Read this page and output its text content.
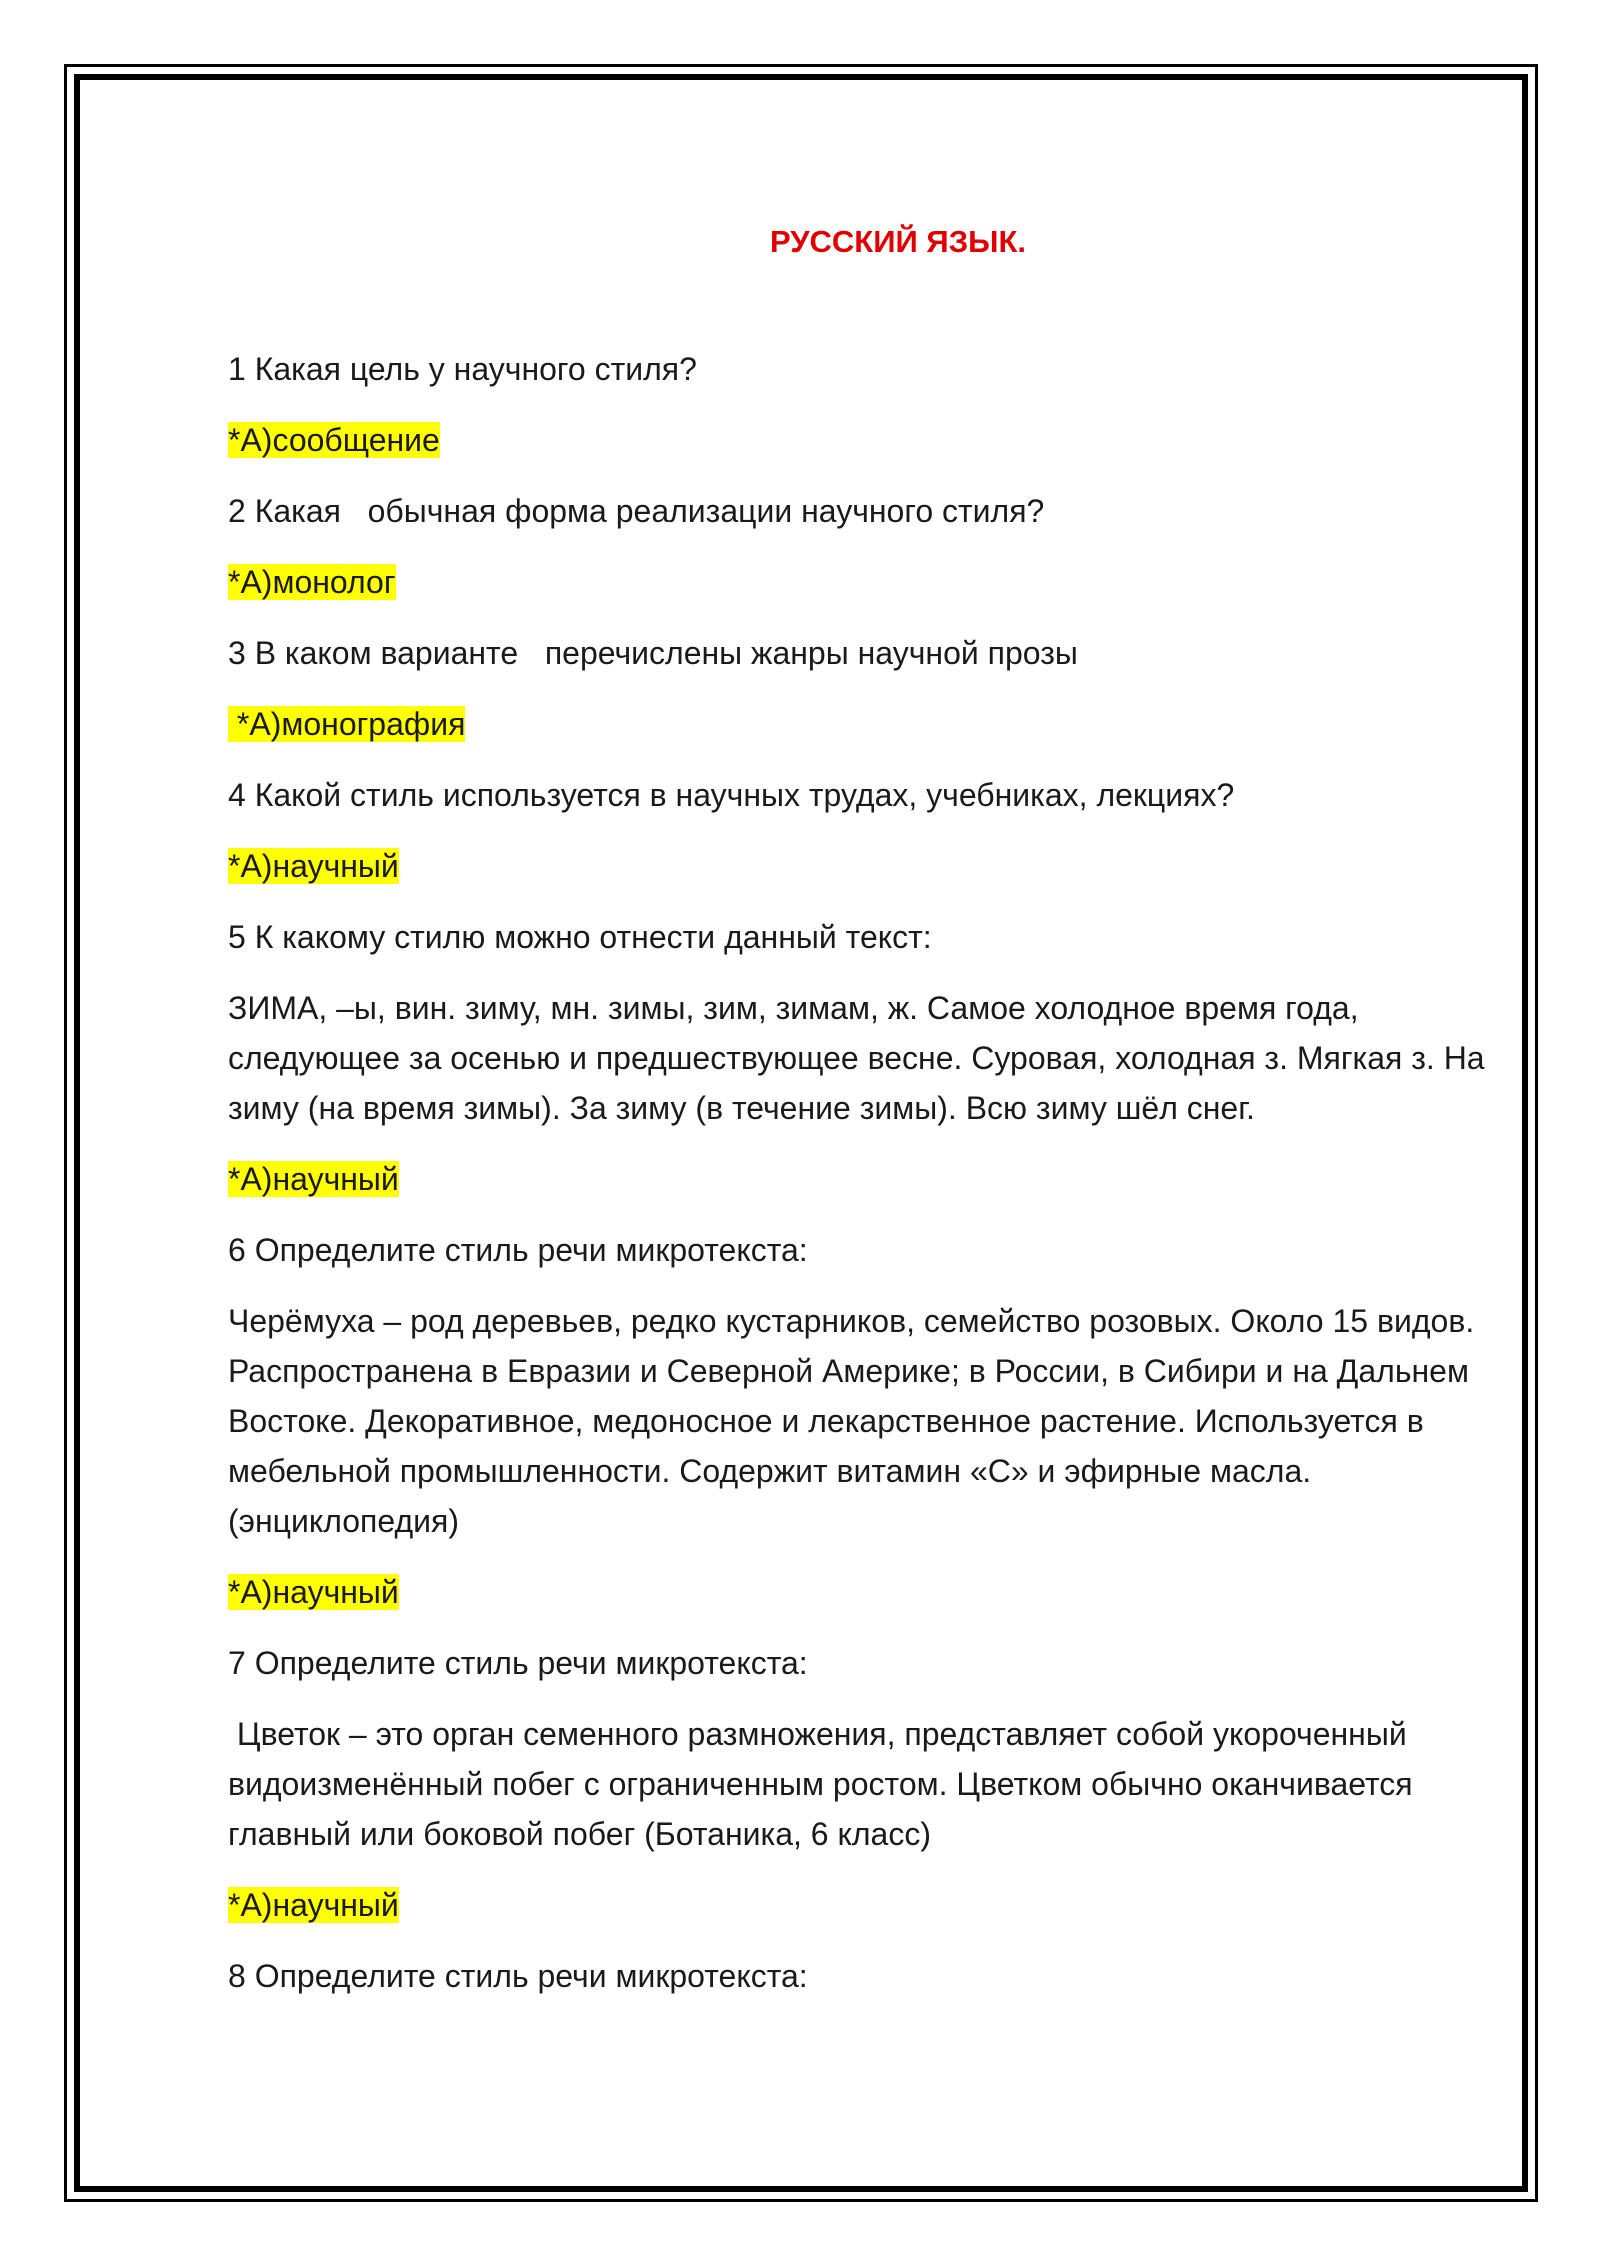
РУССКИЙ ЯЗЫК.
1 Какая цель у научного стиля?
*А)сообщение
2 Какая   обычная форма реализации научного стиля?
*А)монолог
3 В каком варианте   перечислены жанры научной прозы
*А)монография
4 Какой стиль используется в научных трудах, учебниках, лекциях?
*А)научный
5 К какому стилю можно отнести данный текст:
ЗИМА, –ы, вин. зиму, мн. зимы, зим, зимам, ж. Самое холодное время года, следующее за осенью и предшествующее весне. Суровая, холодная з. Мягкая з. На зиму (на время зимы). За зиму (в течение зимы). Всю зиму шёл снег.
*А)научный
6 Определите стиль речи микротекста:
Черёмуха – род деревьев, редко кустарников, семейство розовых. Около 15 видов. Распространена в Евразии и Северной Америке; в России, в Сибири и на Дальнем Востоке. Декоративное, медоносное и лекарственное растение. Используется в мебельной промышленности. Содержит витамин «С» и эфирные масла. (энциклопедия)
*А)научный
7 Определите стиль речи микротекста:
Цветок – это орган семенного размножения, представляет собой укороченный видоизменённый побег с ограниченным ростом. Цветком обычно оканчивается главный или боковой побег (Ботаника, 6 класс)
*А)научный
8 Определите стиль речи микротекста:
